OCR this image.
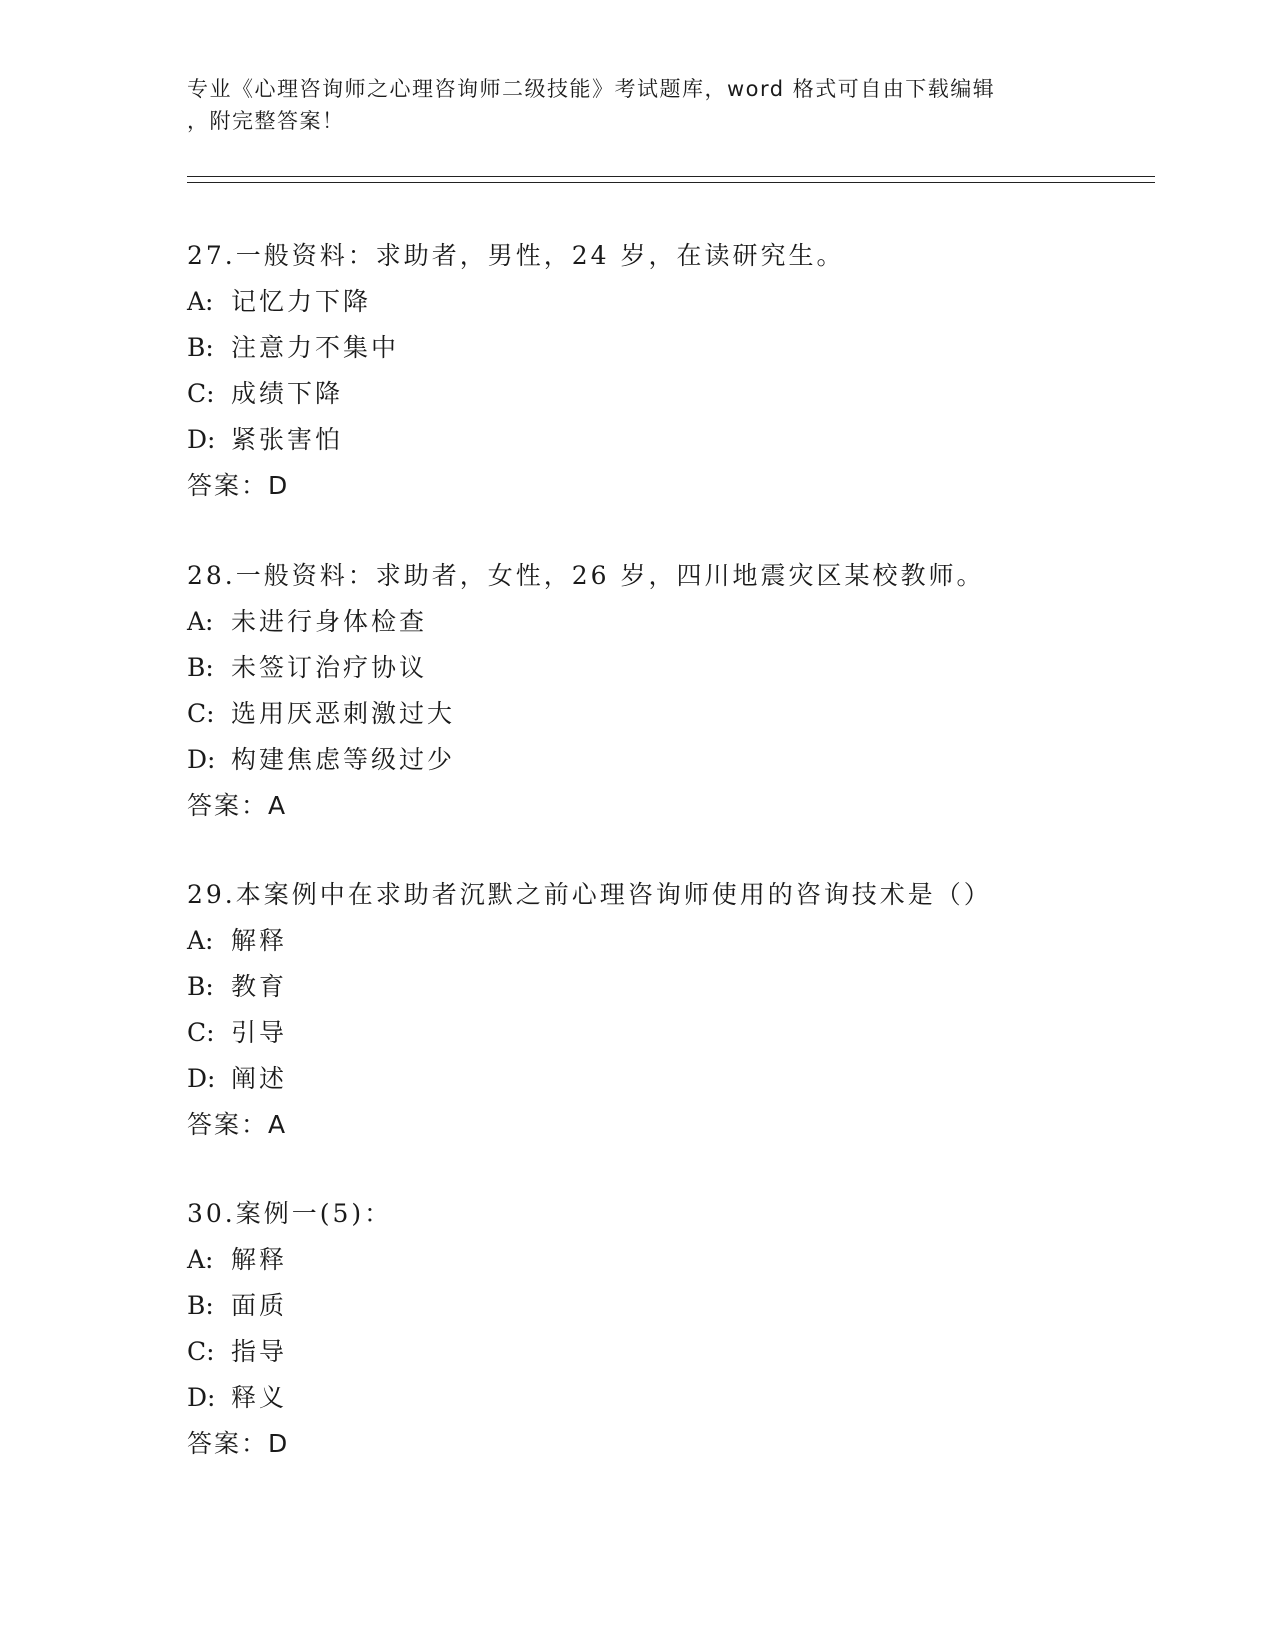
专业《心理咨询师之心理咨询师二级技能》考试题库，word 格式可自由下载编辑
，附完整答案！
27.一般资料：求助者，男性，24 岁，在读研究生。
A: 记忆力下降
B: 注意力不集中
C: 成绩下降
D: 紧张害怕
答案：D
28.一般资料：求助者，女性，26 岁，四川地震灾区某校教师。
A: 未进行身体检查
B: 未签订治疗协议
C: 选用厌恶刺激过大
D: 构建焦虑等级过少
答案：A
29.本案例中在求助者沉默之前心理咨询师使用的咨询技术是（）
A: 解释
B: 教育
C: 引导
D: 阐述
答案：A
30.案例一(5)：
A: 解释
B: 面质
C: 指导
D: 释义
答案：D
